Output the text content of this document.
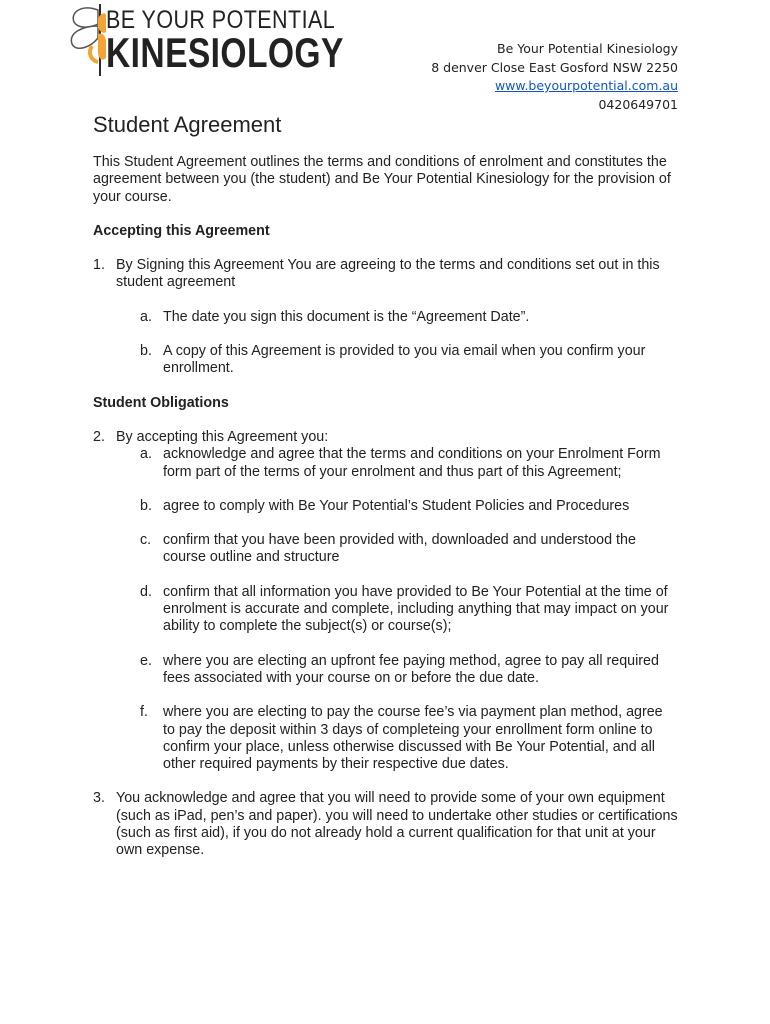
BE YOUR POTENTIAL
KINESIOLOGY	Be Your Potential Kinesiology
8 denver Close East Gosford NSW 2250
www.beyourpotential.com.au
0420649701
Student Agreement

This Student Agreement outlines the terms and conditions of enrolment and constitutes the agreement between you (the student) and Be Your Potential Kinesiology for the provision of your course.

Accepting this Agreement

1. By Signing this Agreement You are agreeing to the terms and conditions set out in this student agreement
a. The date you sign this document is the “Agreement Date”.
b. A copy of this Agreement is provided to you via email when you confirm your enrollment.

Student Obligations

2. By accepting this Agreement you:
a. acknowledge and agree that the terms and conditions on your Enrolment Form form part of the terms of your enrolment and thus part of this Agreement;
b. agree to comply with Be Your Potential’s Student Policies and Procedures
c. confirm that you have been provided with, downloaded and understood the course outline and structure
d. confirm that all information you have provided to Be Your Potential at the time of enrolment is accurate and complete, including anything that may impact on your ability to complete the subject(s) or course(s);
e. where you are electing an upfront fee paying method, agree to pay all required fees associated with your course on or before the due date.
f.	where you are electing to pay the course fee’s via payment plan method, agree to pay the deposit within 3 days of completeing your enrollment form online to confirm your place, unless otherwise discussed with Be Your Potential, and all other required payments by their respective due dates.
3. You acknowledge and agree that you will need to provide some of your own equipment (such as iPad, pen’s and paper). you will need to undertake other studies or certifications (such as first aid), if you do not already hold a current qualification for that unit at your own expense.
